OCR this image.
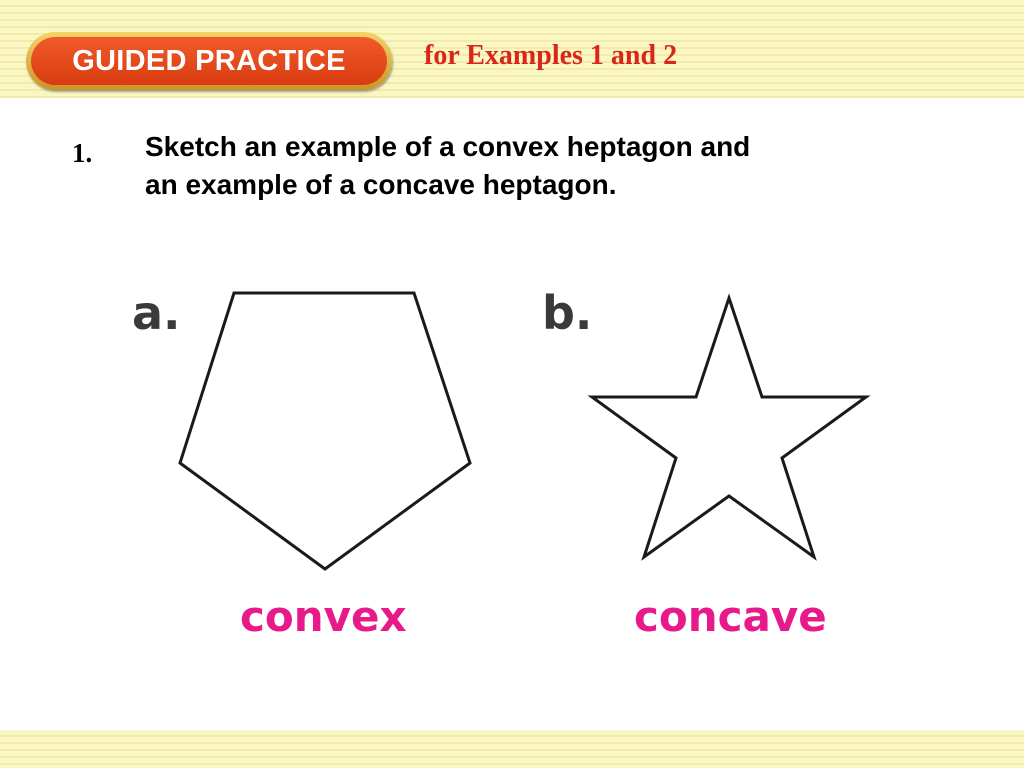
GUIDED PRACTICE	for Examples 1 and 2
1. Sketch an example of a convex heptagon and
an example of a concave heptagon.
a.	b.
convex	concave
